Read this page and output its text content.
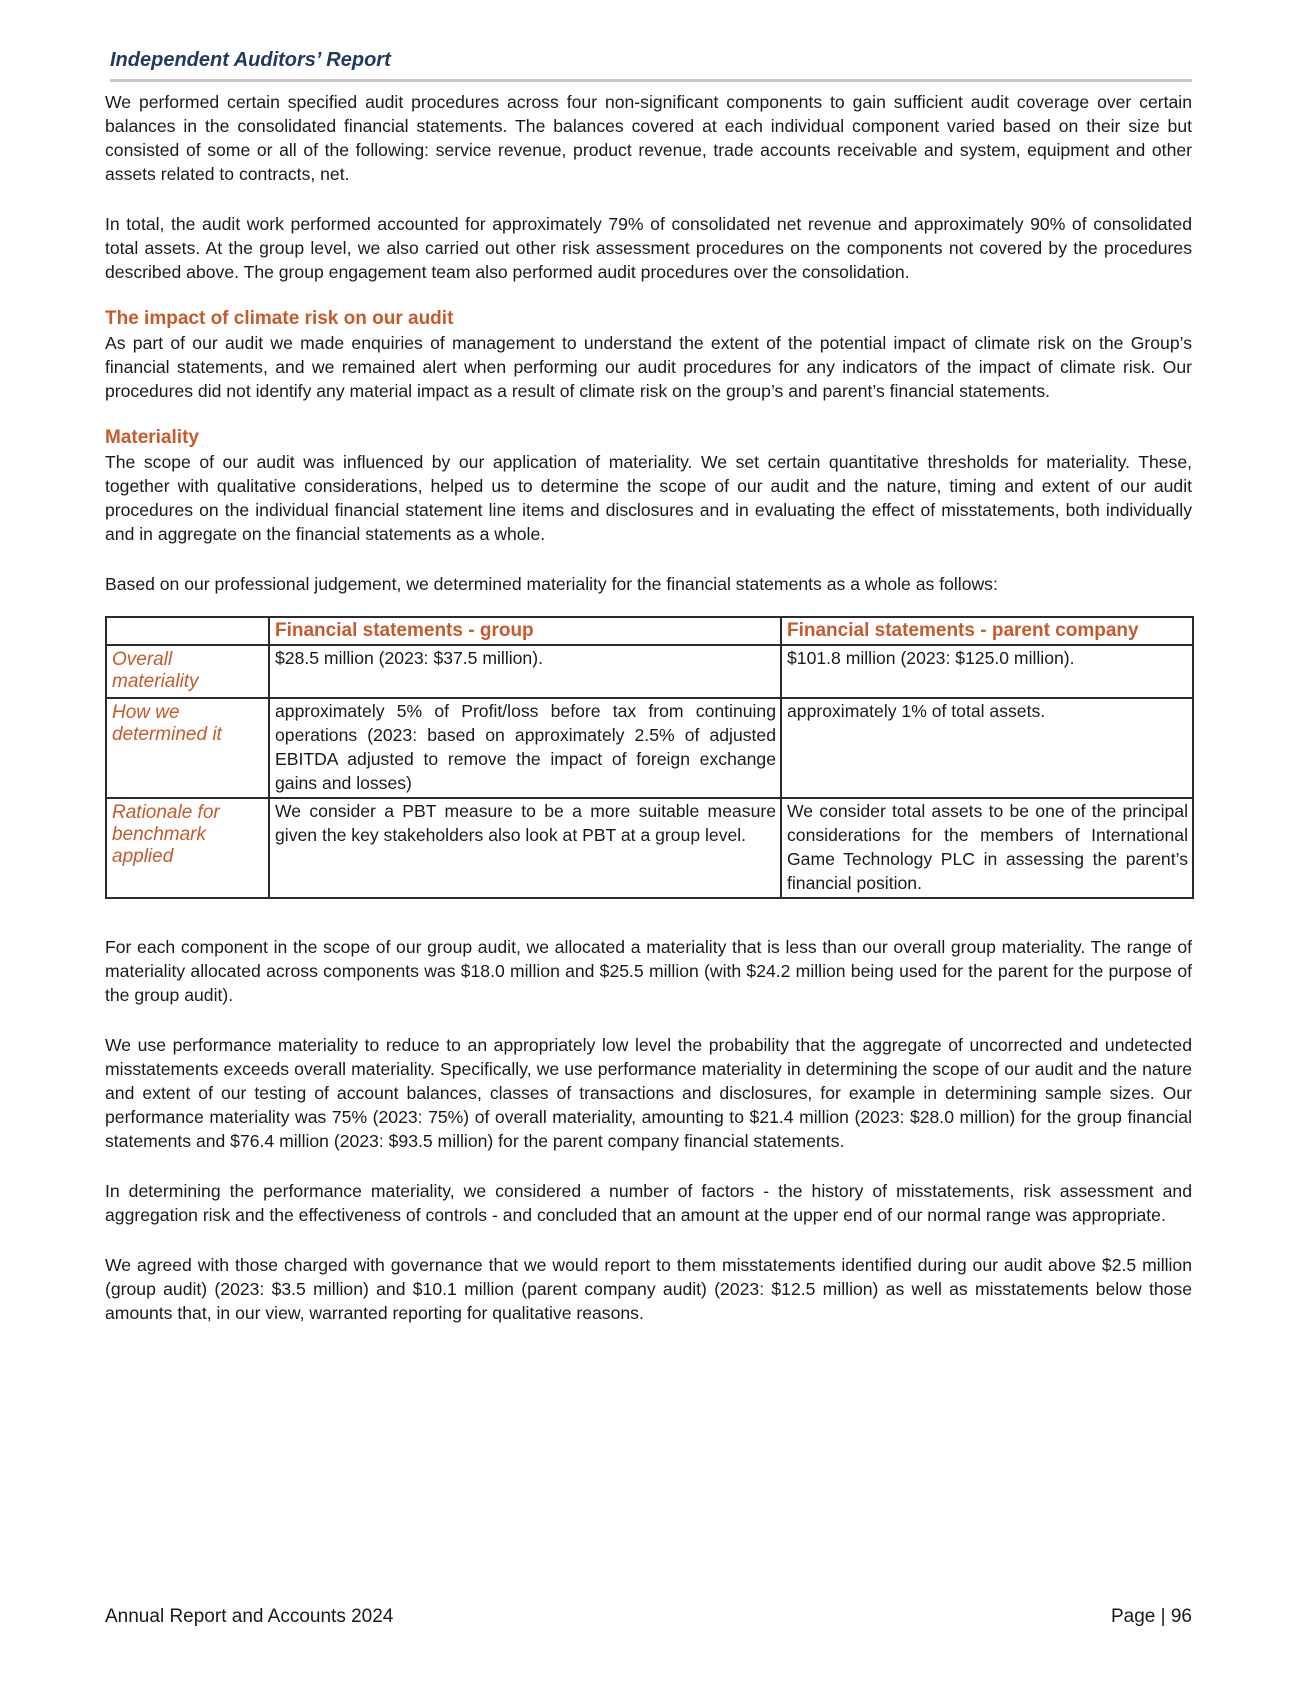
Independent Auditors’ Report

We performed certain specified audit procedures across four non-significant components to gain sufficient audit coverage over certain balances in the consolidated financial statements. The balances covered at each individual component varied based on their size but consisted of some or all of the following: service revenue, product revenue, trade accounts receivable and system, equipment and other assets related to contracts, net.

In total, the audit work performed accounted for approximately 79% of consolidated net revenue and approximately 90% of consolidated total assets. At the group level, we also carried out other risk assessment procedures on the components not covered by the procedures described above. The group engagement team also performed audit procedures over the consolidation.

The impact of climate risk on our audit

As part of our audit we made enquiries of management to understand the extent of the potential impact of climate risk on the Group’s financial statements, and we remained alert when performing our audit procedures for any indicators of the impact of climate risk. Our procedures did not identify any material impact as a result of climate risk on the group’s and parent’s financial statements.

Materiality

The scope of our audit was influenced by our application of materiality. We set certain quantitative thresholds for materiality. These, together with qualitative considerations, helped us to determine the scope of our audit and the nature, timing and extent of our audit procedures on the individual financial statement line items and disclosures and in evaluating the effect of misstatements, both individually and in aggregate on the financial statements as a whole.

Based on our professional judgement, we determined materiality for the financial statements as a whole as follows:

	Financial statements - group	Financial statements - parent company
Overall materiality	$28.5 million (2023: $37.5 million).	$101.8 million (2023: $125.0 million).
How we determined it	approximately 5% of Profit/loss before tax from continuing operations (2023: based on approximately 2.5% of adjusted EBITDA adjusted to remove the impact of foreign exchange gains and losses)	approximately 1% of total assets.
Rationale for benchmark applied	We consider a PBT measure to be a more suitable measure given the key stakeholders also look at PBT at a group level.	We consider total assets to be one of the principal considerations for the members of International Game Technology PLC in assessing the parent’s financial position.

For each component in the scope of our group audit, we allocated a materiality that is less than our overall group materiality. The range of materiality allocated across components was $18.0 million and $25.5 million (with $24.2 million being used for the parent for the purpose of the group audit).

We use performance materiality to reduce to an appropriately low level the probability that the aggregate of uncorrected and undetected misstatements exceeds overall materiality. Specifically, we use performance materiality in determining the scope of our audit and the nature and extent of our testing of account balances, classes of transactions and disclosures, for example in determining sample sizes. Our performance materiality was 75% (2023: 75%) of overall materiality, amounting to $21.4 million (2023: $28.0 million) for the group financial statements and $76.4 million (2023: $93.5 million) for the parent company financial statements.

In determining the performance materiality, we considered a number of factors - the history of misstatements, risk assessment and aggregation risk and the effectiveness of controls - and concluded that an amount at the upper end of our normal range was appropriate.

We agreed with those charged with governance that we would report to them misstatements identified during our audit above $2.5 million (group audit) (2023: $3.5 million) and $10.1 million (parent company audit) (2023: $12.5 million) as well as misstatements below those amounts that, in our view, warranted reporting for qualitative reasons.

Annual Report and Accounts 2024	Page | 96
